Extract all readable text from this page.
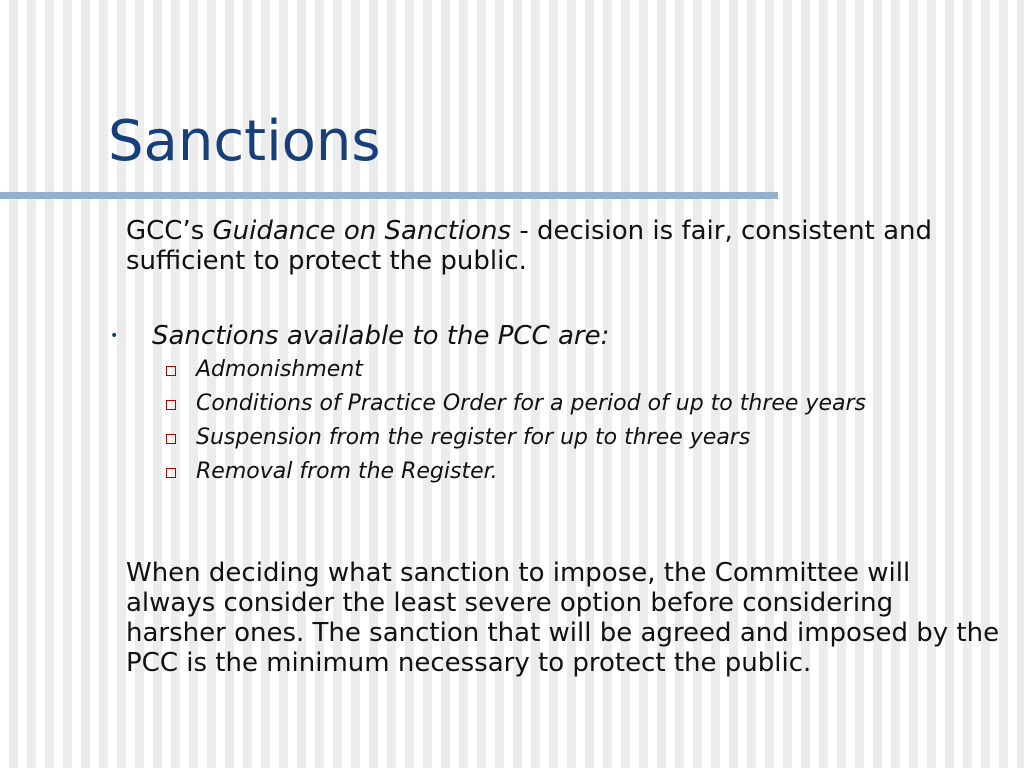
Sanctions

GCC’s Guidance on Sanctions - decision is fair, consistent and sufficient to protect the public.

• Sanctions available to the PCC are:
Admonishment
Conditions of Practice Order for a period of up to three years
Suspension from the register for up to three years
Removal from the Register.

When deciding what sanction to impose, the Committee will always consider the least severe option before considering harsher ones. The sanction that will be agreed and imposed by the PCC is the minimum necessary to protect the public.
